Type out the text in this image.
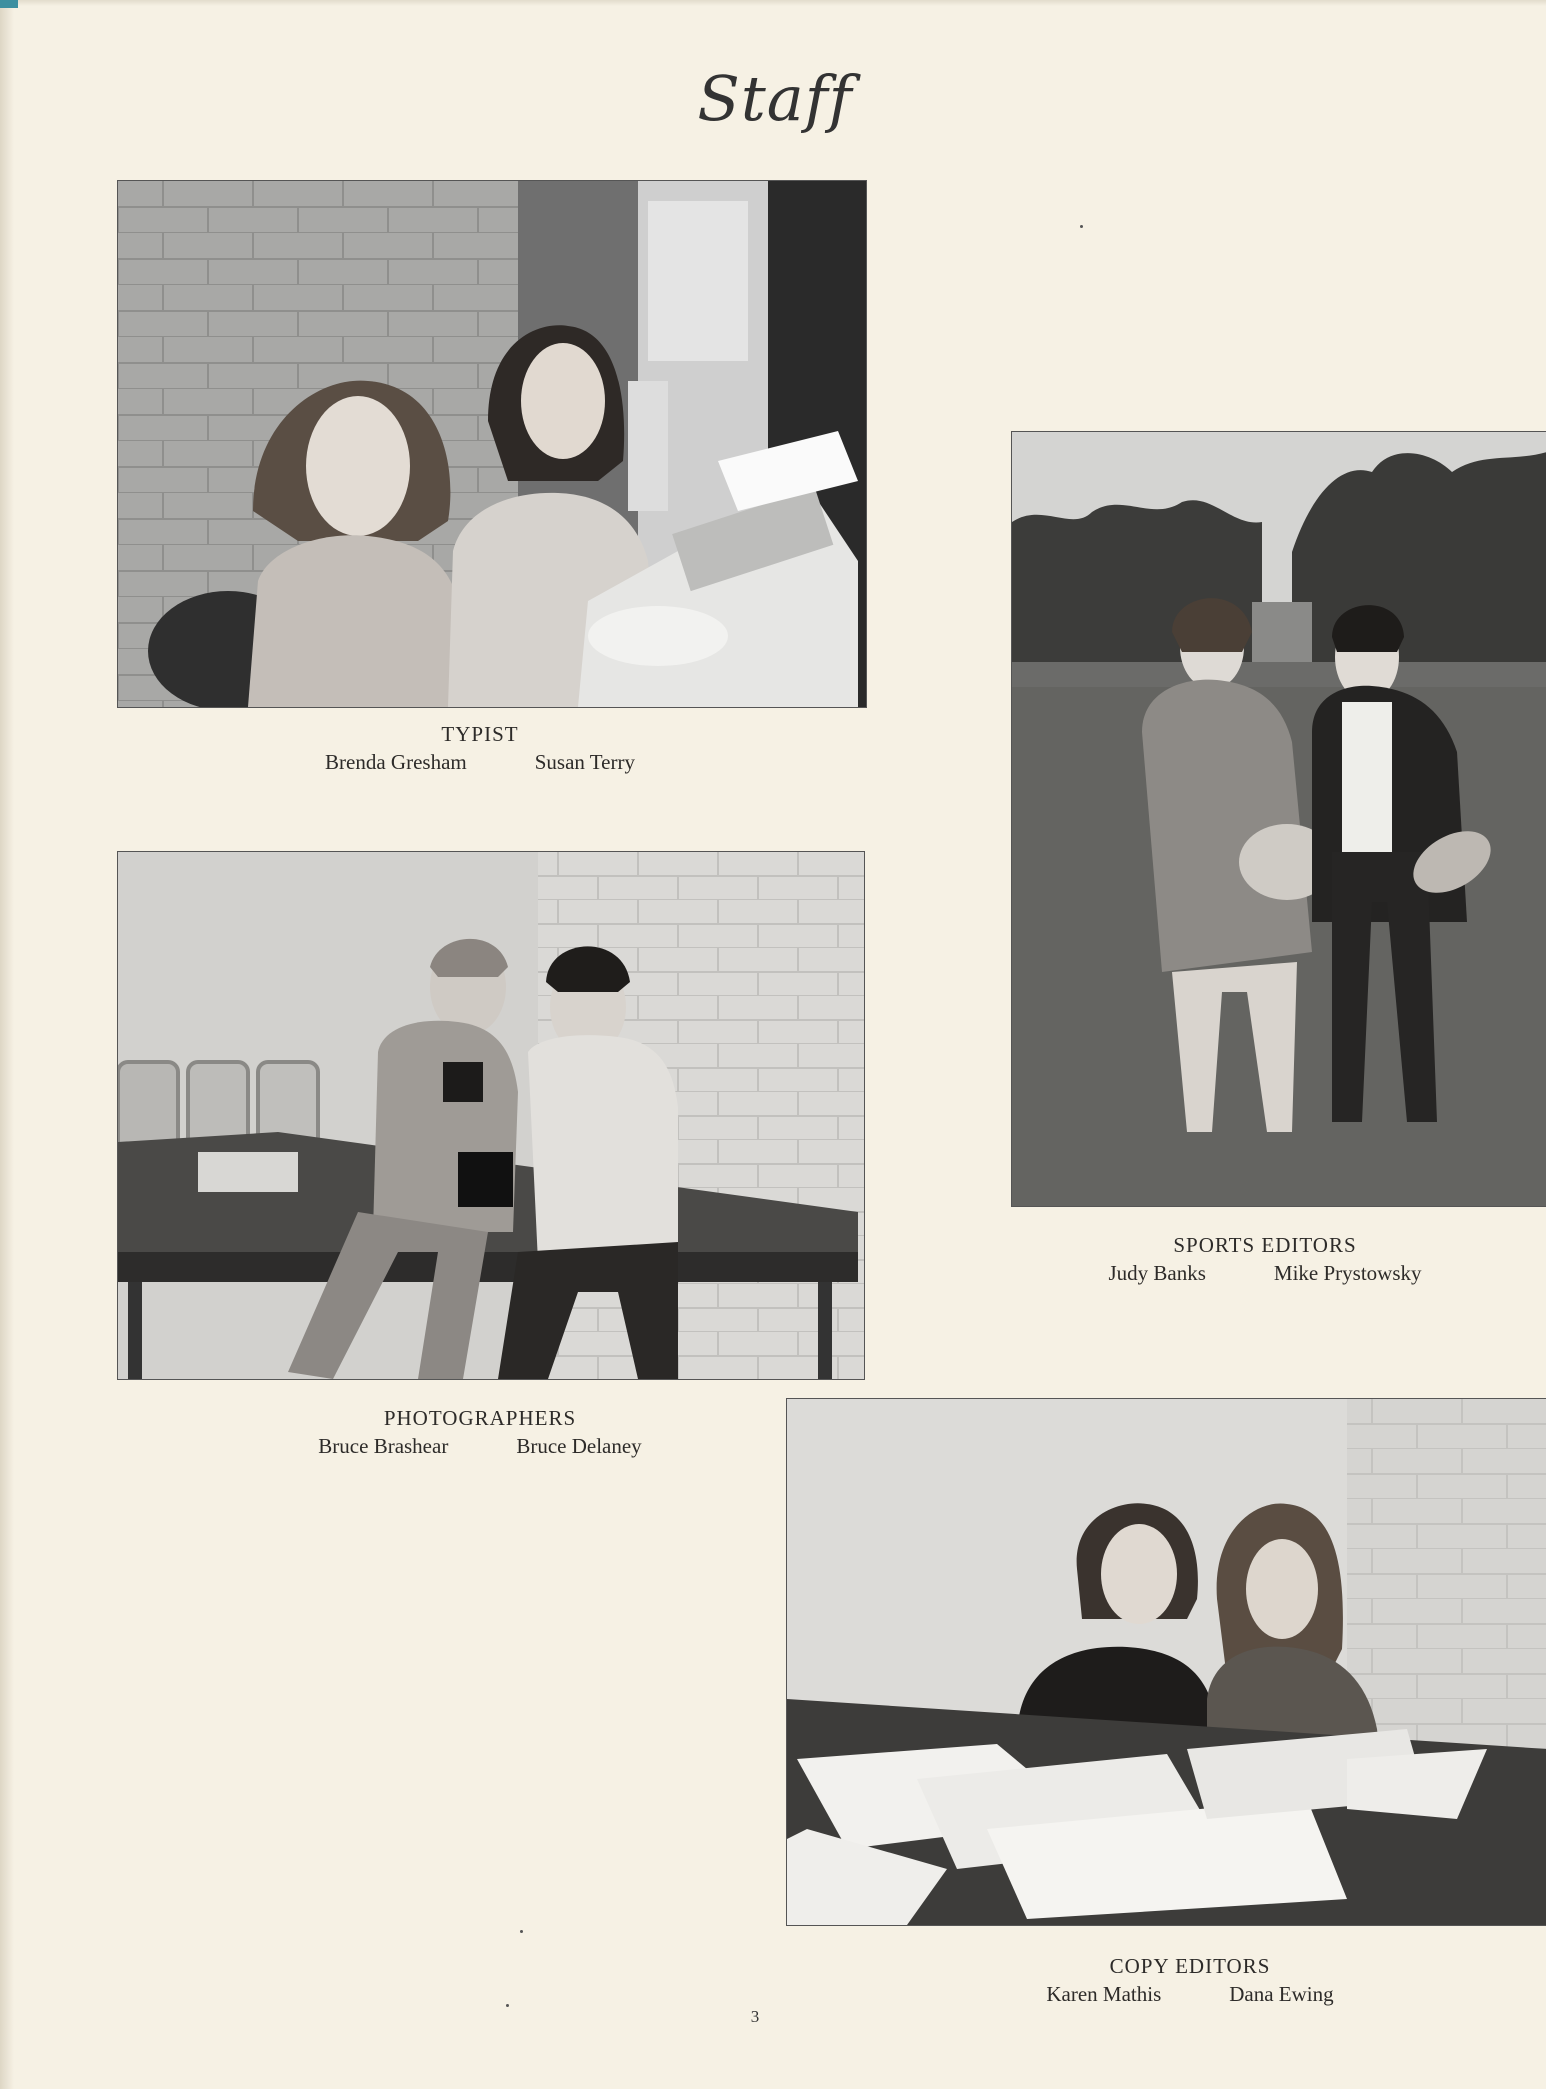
Staff
TYPIST
Brenda Gresham	Susan Terry
SPORTS EDITORS
Judy Banks	Mike Prystowsky
PHOTOGRAPHERS
Bruce Brashear	Bruce Delaney
COPY EDITORS
Karen Mathis	Dana Ewing
3
